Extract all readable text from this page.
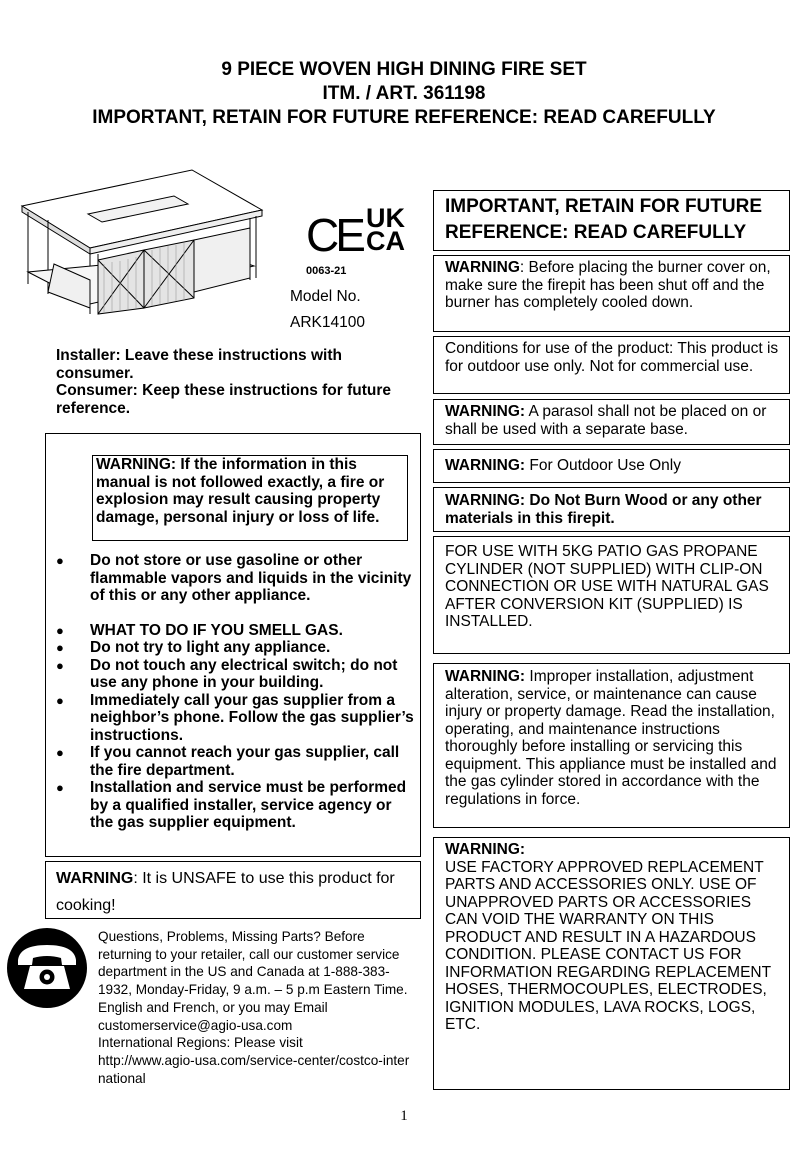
9 PIECE WOVEN HIGH DINING FIRE SET
ITM. / ART. 361198
IMPORTANT, RETAIN FOR FUTURE REFERENCE: READ CAREFULLY
CE UK
CA
0063-21
Model No.
ARK14100
Installer: Leave these instructions with consumer.
Consumer: Keep these instructions for future reference.
WARNING: If the information in this manual is not followed exactly, a fire or explosion may result causing property damage, personal injury or loss of life.
● Do not store or use gasoline or other flammable vapors and liquids in the vicinity of this or any other appliance.
● WHAT TO DO IF YOU SMELL GAS.
● Do not try to light any appliance.
● Do not touch any electrical switch; do not use any phone in your building.
● Immediately call your gas supplier from a neighbor’s phone. Follow the gas supplier’s instructions.
● If you cannot reach your gas supplier, call the fire department.
● Installation and service must be performed by a qualified installer, service agency or the gas supplier equipment.
WARNING: It is UNSAFE to use this product for cooking!
Questions, Problems, Missing Parts? Before returning to your retailer, call our customer service department in the US and Canada at 1-888-383-1932, Monday-Friday, 9 a.m. – 5 p.m Eastern Time. English and French, or you may Email customerservice@agio-usa.com
International Regions: Please visit
http://www.agio-usa.com/service-center/costco-international
IMPORTANT, RETAIN FOR FUTURE REFERENCE: READ CAREFULLY
WARNING: Before placing the burner cover on, make sure the firepit has been shut off and the burner has completely cooled down.
Conditions for use of the product: This product is for outdoor use only. Not for commercial use.
WARNING: A parasol shall not be placed on or shall be used with a separate base.
WARNING: For Outdoor Use Only
WARNING: Do Not Burn Wood or any other materials in this firepit.
FOR USE WITH 5KG PATIO GAS PROPANE CYLINDER (NOT SUPPLIED) WITH CLIP-ON CONNECTION OR USE WITH NATURAL GAS AFTER CONVERSION KIT (SUPPLIED) IS INSTALLED.
WARNING: Improper installation, adjustment alteration, service, or maintenance can cause injury or property damage. Read the installation, operating, and maintenance instructions thoroughly before installing or servicing this equipment. This appliance must be installed and the gas cylinder stored in accordance with the regulations in force.
WARNING:
USE FACTORY APPROVED REPLACEMENT PARTS AND ACCESSORIES ONLY. USE OF UNAPPROVED PARTS OR ACCESSORIES CAN VOID THE WARRANTY ON THIS PRODUCT AND RESULT IN A HAZARDOUS CONDITION. PLEASE CONTACT US FOR INFORMATION REGARDING REPLACEMENT HOSES, THERMOCOUPLES, ELECTRODES, IGNITION MODULES, LAVA ROCKS, LOGS, ETC.
1
